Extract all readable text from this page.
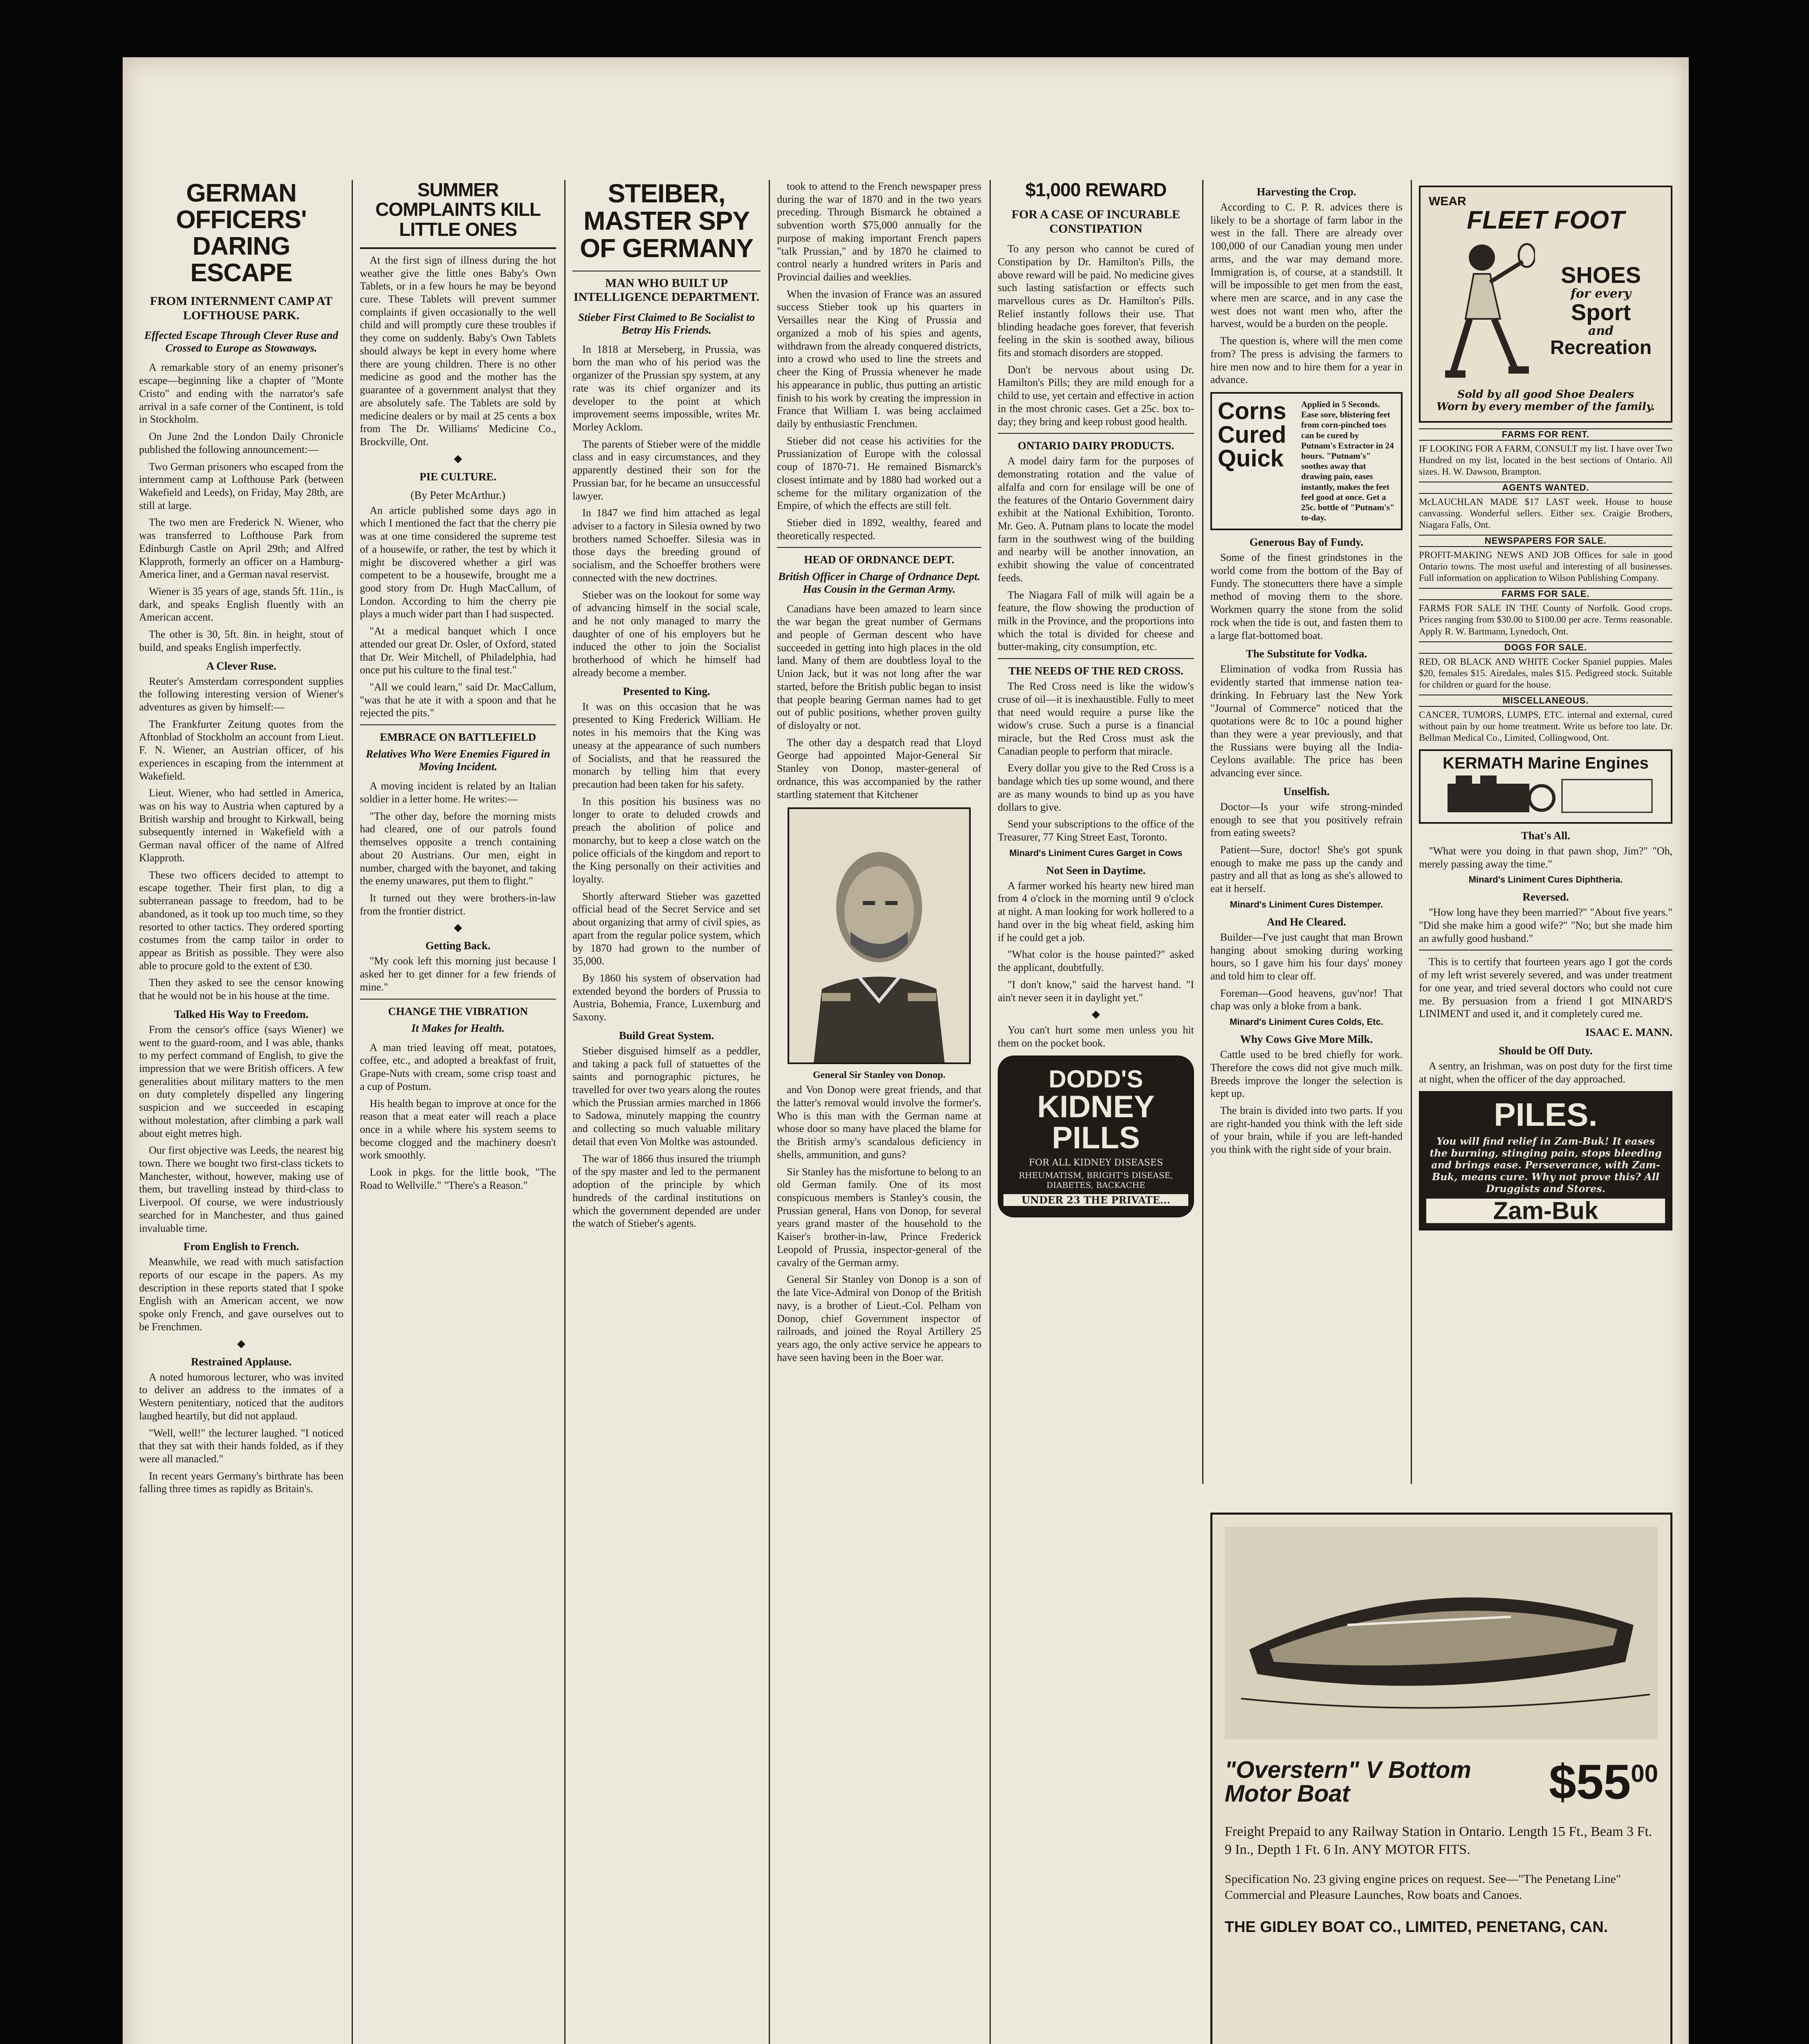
GERMAN OFFICERS' DARING ESCAPE
FROM INTERNMENT CAMP AT LOFTHOUSE PARK.
Effected Escape Through Clever Ruse and Crossed to Europe as Stowaways.

A remarkable story of an enemy prisoner's escape—beginning like a chapter of "Monte Cristo" and ending with the narrator's safe arrival in a safe corner of the Continent, is told in Stockholm.

On June 2nd the London Daily Chronicle published the following announcement:—

Two German prisoners who escaped from the internment camp at Lofthouse Park (between Wakefield and Leeds), on Friday, May 28th, are still at large.

The two men are Frederick N. Wiener, who was transferred to Lofthouse Park from Edinburgh Castle on April 29th; and Alfred Klapproth, formerly an officer on a Hamburg-America liner, and a German naval reservist.

Wiener is 35 years of age, stands 5ft. 11in., is dark, and speaks English fluently with an American accent.

The other is 30, 5ft. 8in. in height, stout of build, and speaks English imperfectly.

A Clever Ruse.

Reuter's Amsterdam correspondent supplies the following interesting version of Wiener's adventures as given by himself:—

The Frankfurter Zeitung quotes from the Aftonblad of Stockholm an account from Lieut. F. N. Wiener, an Austrian officer, of his experiences in escaping from the internment at Wakefield.

Lieut. Wiener, who had settled in America, was on his way to Austria when captured by a British warship and brought to Kirkwall, being subsequently interned in Wakefield with a German naval officer of the name of Alfred Klapproth.

These two officers decided to attempt to escape together. Their first plan, to dig a subterranean passage to freedom, had to be abandoned, as it took up too much time, so they resorted to other tactics. They ordered sporting costumes from the camp tailor in order to appear as British as possible. They were also able to procure gold to the extent of £30.

Then they asked to see the censor knowing that he would not be in his house at the time.

Talked His Way to Freedom.

From the censor's office (says Wiener) we went to the guard-room, and I was able, thanks to my perfect command of English, to give the impression that we were British officers. A few generalities about military matters to the men on duty completely dispelled any lingering suspicion and we succeeded in escaping without molestation, after climbing a park wall about eight metres high.

Our first objective was Leeds, the nearest big town. There we bought two first-class tickets to Manchester, without, however, making use of them, but travelling instead by third-class to Liverpool. Of course, we were industriously searched for in Manchester, and thus gained invaluable time.

From English to French.

Meanwhile, we read with much satisfaction reports of our escape in the papers. As my description in these reports stated that I spoke English with an American accent, we now spoke only French, and gave ourselves out to be Frenchmen.

◆
Restrained Applause.

A noted humorous lecturer, who was invited to deliver an address to the inmates of a Western penitentiary, noticed that the auditors laughed heartily, but did not applaud.

"Well, well!" the lecturer laughed. "I noticed that they sat with their hands folded, as if they were all manacled."

In recent years Germany's birthrate has been falling three times as rapidly as Britain's.

SUMMER COMPLAINTS KILL LITTLE ONES

At the first sign of illness during the hot weather give the little ones Baby's Own Tablets, or in a few hours he may be beyond cure. These Tablets will prevent summer complaints if given occasionally to the well child and will promptly cure these troubles if they come on suddenly. Baby's Own Tablets should always be kept in every home where there are young children. There is no other medicine as good and the mother has the guarantee of a government analyst that they are absolutely safe. The Tablets are sold by medicine dealers or by mail at 25 cents a box from The Dr. Williams' Medicine Co., Brockville, Ont.

◆
PIE CULTURE.
(By Peter McArthur.)

An article published some days ago in which I mentioned the fact that the cherry pie was at one time considered the supreme test of a housewife, or rather, the test by which it might be discovered whether a girl was competent to be a housewife, brought me a good story from Dr. Hugh MacCallum, of London. According to him the cherry pie plays a much wider part than I had suspected.

"At a medical banquet which I once attended our great Dr. Osler, of Oxford, stated that Dr. Weir Mitchell, of Philadelphia, had once put his culture to the final test."

"All we could learn," said Dr. MacCallum, "was that he ate it with a spoon and that he rejected the pits."

EMBRACE ON BATTLEFIELD
Relatives Who Were Enemies Figured in Moving Incident.

A moving incident is related by an Italian soldier in a letter home. He writes:—

"The other day, before the morning mists had cleared, one of our patrols found themselves opposite a trench containing about 20 Austrians. Our men, eight in number, charged with the bayonet, and taking the enemy unawares, put them to flight."

It turned out they were brothers-in-law from the frontier district.

◆
Getting Back.

"My cook left this morning just because I asked her to get dinner for a few friends of mine."

CHANGE THE VIBRATION
It Makes for Health.

A man tried leaving off meat, potatoes, coffee, etc., and adopted a breakfast of fruit, Grape-Nuts with cream, some crisp toast and a cup of Postum.

His health began to improve at once for the reason that a meat eater will reach a place once in a while where his system seems to become clogged and the machinery doesn't work smoothly.

Look in pkgs. for the little book, "The Road to Wellville." "There's a Reason."

STEIBER, MASTER SPY OF GERMANY
MAN WHO BUILT UP INTELLIGENCE DEPARTMENT.
Stieber First Claimed to Be Socialist to Betray His Friends.

In 1818 at Merseberg, in Prussia, was born the man who of his period was the organizer of the Prussian spy system, at any rate was its chief organizer and its developer to the point at which improvement seems impossible, writes Mr. Morley Acklom.

The parents of Stieber were of the middle class and in easy circumstances, and they apparently destined their son for the Prussian bar, for he became an unsuccessful lawyer.

In 1847 we find him attached as legal adviser to a factory in Silesia owned by two brothers named Schoeffer. Silesia was in those days the breeding ground of socialism, and the Schoeffer brothers were connected with the new doctrines.

Stieber was on the lookout for some way of advancing himself in the social scale, and he not only managed to marry the daughter of one of his employers but he induced the other to join the Socialist brotherhood of which he himself had already become a member.

Presented to King.

It was on this occasion that he was presented to King Frederick William. He notes in his memoirs that the King was uneasy at the appearance of such numbers of Socialists, and that he reassured the monarch by telling him that every precaution had been taken for his safety.

In this position his business was no longer to orate to deluded crowds and preach the abolition of police and monarchy, but to keep a close watch on the police officials of the kingdom and report to the King personally on their activities and loyalty.

Shortly afterward Stieber was gazetted official head of the Secret Service and set about organizing that army of civil spies, as apart from the regular police system, which by 1870 had grown to the number of 35,000.

By 1860 his system of observation had extended beyond the borders of Prussia to Austria, Bohemia, France, Luxemburg and Saxony.

Build Great System.

Stieber disguised himself as a peddler, and taking a pack full of statuettes of the saints and pornographic pictures, he travelled for over two years along the routes which the Prussian armies marched in 1866 to Sadowa, minutely mapping the country and collecting so much valuable military detail that even Von Moltke was astounded.

The war of 1866 thus insured the triumph of the spy master and led to the permanent adoption of the principle by which hundreds of the cardinal institutions on which the government depended are under the watch of Stieber's agents.

took to attend to the French newspaper press during the war of 1870 and in the two years preceding. Through Bismarck he obtained a subvention worth $75,000 annually for the purpose of making important French papers "talk Prussian," and by 1870 he claimed to control nearly a hundred writers in Paris and Provincial dailies and weeklies.

When the invasion of France was an assured success Stieber took up his quarters in Versailles near the King of Prussia and organized a mob of his spies and agents, withdrawn from the already conquered districts, into a crowd who used to line the streets and cheer the King of Prussia whenever he made his appearance in public, thus putting an artistic finish to his work by creating the impression in France that William I. was being acclaimed daily by enthusiastic Frenchmen.

Stieber did not cease his activities for the Prussianization of Europe with the colossal coup of 1870-71. He remained Bismarck's closest intimate and by 1880 had worked out a scheme for the military organization of the Empire, of which the effects are still felt.

Stieber died in 1892, wealthy, feared and theoretically respected.

HEAD OF ORDNANCE DEPT.
British Officer in Charge of Ordnance Dept. Has Cousin in the German Army.

Canadians have been amazed to learn since the war began the great number of Germans and people of German descent who have succeeded in getting into high places in the old land. Many of them are doubtless loyal to the Union Jack, but it was not long after the war started, before the British public began to insist that people bearing German names had to get out of public positions, whether proven guilty of disloyalty or not.

The other day a despatch read that Lloyd George had appointed Major-General Sir Stanley von Donop, master-general of ordnance, this was accompanied by the rather startling statement that Kitchener

General Sir Stanley von Donop.

and Von Donop were great friends, and that the latter's removal would involve the former's. Who is this man with the German name at whose door so many have placed the blame for the British army's scandalous deficiency in shells, ammunition, and guns?

Sir Stanley has the misfortune to belong to an old German family. One of its most conspicuous members is Stanley's cousin, the Prussian general, Hans von Donop, for several years grand master of the household to the Kaiser's brother-in-law, Prince Frederick Leopold of Prussia, inspector-general of the cavalry of the German army.

General Sir Stanley von Donop is a son of the late Vice-Admiral von Donop of the British navy, is a brother of Lieut.-Col. Pelham von Donop, chief Government inspector of railroads, and joined the Royal Artillery 25 years ago, the only active service he appears to have seen having been in the Boer war.

$1,000 REWARD
FOR A CASE OF INCURABLE CONSTIPATION

To any person who cannot be cured of Constipation by Dr. Hamilton's Pills, the above reward will be paid. No medicine gives such lasting satisfaction or effects such marvellous cures as Dr. Hamilton's Pills. Relief instantly follows their use. That blinding headache goes forever, that feverish feeling in the skin is soothed away, bilious fits and stomach disorders are stopped.

Don't be nervous about using Dr. Hamilton's Pills; they are mild enough for a child to use, yet certain and effective in action in the most chronic cases. Get a 25c. box to-day; they bring and keep robust good health.

ONTARIO DAIRY PRODUCTS.

A model dairy farm for the purposes of demonstrating rotation and the value of alfalfa and corn for ensilage will be one of the features of the Ontario Government dairy exhibit at the National Exhibition, Toronto. Mr. Geo. A. Putnam plans to locate the model farm in the southwest wing of the building and nearby will be another innovation, an exhibit showing the value of concentrated feeds.

The Niagara Fall of milk will again be a feature, the flow showing the production of milk in the Province, and the proportions into which the total is divided for cheese and butter-making, city consumption, etc.

THE NEEDS OF THE RED CROSS.

The Red Cross need is like the widow's cruse of oil—it is inexhaustible. Fully to meet that need would require a purse like the widow's cruse. Such a purse is a financial miracle, but the Red Cross must ask the Canadian people to perform that miracle.

Every dollar you give to the Red Cross is a bandage which ties up some wound, and there are as many wounds to bind up as you have dollars to give.

Send your subscriptions to the office of the Treasurer, 77 King Street East, Toronto.

Minard's Liniment Cures Garget in Cows
Not Seen in Daytime.

A farmer worked his hearty new hired man from 4 o'clock in the morning until 9 o'clock at night. A man looking for work hollered to a hand over in the big wheat field, asking him if he could get a job.

"What color is the house painted?" asked the applicant, doubtfully.

"I don't know," said the harvest hand. "I ain't never seen it in daylight yet."

◆

You can't hurt some men unless you hit them on the pocket book.

DODD'S
KIDNEY
PILLS
FOR ALL KIDNEY DISEASES
RHEUMATISM, BRIGHT'S DISEASE, DIABETES, BACKACHE
UNDER 23 THE PRIVATE...
Harvesting the Crop.

According to C. P. R. advices there is likely to be a shortage of farm labor in the west in the fall. There are already over 100,000 of our Canadian young men under arms, and the war may demand more. Immigration is, of course, at a standstill. It will be impossible to get men from the east, where men are scarce, and in any case the west does not want men who, after the harvest, would be a burden on the people.

The question is, where will the men come from? The press is advising the farmers to hire men now and to hire them for a year in advance.

Corns
Cured
Quick
Applied in 5 Seconds. Ease sore, blistering feet from corn-pinched toes can be cured by Putnam's Extractor in 24 hours. "Putnam's" soothes away that drawing pain, eases instantly, makes the feet feel good at once. Get a 25c. bottle of "Putnam's" to-day.
Generous Bay of Fundy.

Some of the finest grindstones in the world come from the bottom of the Bay of Fundy. The stonecutters there have a simple method of moving them to the shore. Workmen quarry the stone from the solid rock when the tide is out, and fasten them to a large flat-bottomed boat.

The Substitute for Vodka.

Elimination of vodka from Russia has evidently started that immense nation tea-drinking. In February last the New York "Journal of Commerce" noticed that the quotations were 8c to 10c a pound higher than they were a year previously, and that the Russians were buying all the India-Ceylons available. The price has been advancing ever since.

Unselfish.

Doctor—Is your wife strong-minded enough to see that you positively refrain from eating sweets?

Patient—Sure, doctor! She's got spunk enough to make me pass up the candy and pastry and all that as long as she's allowed to eat it herself.

Minard's Liniment Cures Distemper.
And He Cleared.

Builder—I've just caught that man Brown hanging about smoking during working hours, so I gave him his four days' money and told him to clear off.

Foreman—Good heavens, guv'nor! That chap was only a bloke from a bank.

Minard's Liniment Cures Colds, Etc.
Why Cows Give More Milk.

Cattle used to be bred chiefly for work. Therefore the cows did not give much milk. Breeds improve the longer the selection is kept up.

The brain is divided into two parts. If you are right-handed you think with the left side of your brain, while if you are left-handed you think with the right side of your brain.

WEAR
FLEET FOOT
SHOES
for every
Sport
and
Recreation
Sold by all good Shoe Dealers
Worn by every member of the family.
FARMS FOR RENT.
IF LOOKING FOR A FARM, CONSULT my list. I have over Two Hundred on my list, located in the best sections of Ontario. All sizes. H. W. Dawson, Brampton.
AGENTS WANTED.
McLAUCHLAN MADE $17 LAST week. House to house canvassing. Wonderful sellers. Either sex. Craigie Brothers, Niagara Falls, Ont.
NEWSPAPERS FOR SALE.
PROFIT-MAKING NEWS AND JOB Offices for sale in good Ontario towns. The most useful and interesting of all businesses. Full information on application to Wilson Publishing Company.
FARMS FOR SALE.
FARMS FOR SALE IN THE County of Norfolk. Good crops. Prices ranging from $30.00 to $100.00 per acre. Terms reasonable. Apply R. W. Bartmann, Lynedoch, Ont.
DOGS FOR SALE.
RED, OR BLACK AND WHITE Cocker Spaniel puppies. Males $20, females $15. Airedales, males $15. Pedigreed stock. Suitable for children or guard for the house.
MISCELLANEOUS.
CANCER, TUMORS, LUMPS, ETC. internal and external, cured without pain by our home treatment. Write us before too late. Dr. Bellman Medical Co., Limited, Collingwood, Ont.
KERMATH Marine Engines
That's All.

"What were you doing in that pawn shop, Jim?" "Oh, merely passing away the time."

Minard's Liniment Cures Diphtheria.
Reversed.

"How long have they been married?" "About five years." "Did she make him a good wife?" "No; but she made him an awfully good husband."

This is to certify that fourteen years ago I got the cords of my left wrist severely severed, and was under treatment for one year, and tried several doctors who could not cure me. By persuasion from a friend I got MINARD'S LINIMENT and used it, and it completely cured me.

ISAAC E. MANN.
Should be Off Duty.

A sentry, an Irishman, was on post duty for the first time at night, when the officer of the day approached.

PILES.
You will find relief in Zam-Buk! It eases the burning, stinging pain, stops bleeding and brings ease. Perseverance, with Zam-Buk, means cure. Why not prove this? All Druggists and Stores.
Zam-Buk
"Overstern" V Bottom Motor Boat	$\$55^{00}$
Freight Prepaid to any Railway Station in Ontario. Length 15 Ft., Beam 3 Ft. 9 In., Depth 1 Ft. 6 In. ANY MOTOR FITS.
Specification No. 23 giving engine prices on request. See—"The Penetang Line" Commercial and Pleasure Launches, Row boats and Canoes.
THE GIDLEY BOAT CO., LIMITED, PENETANG, CAN.
